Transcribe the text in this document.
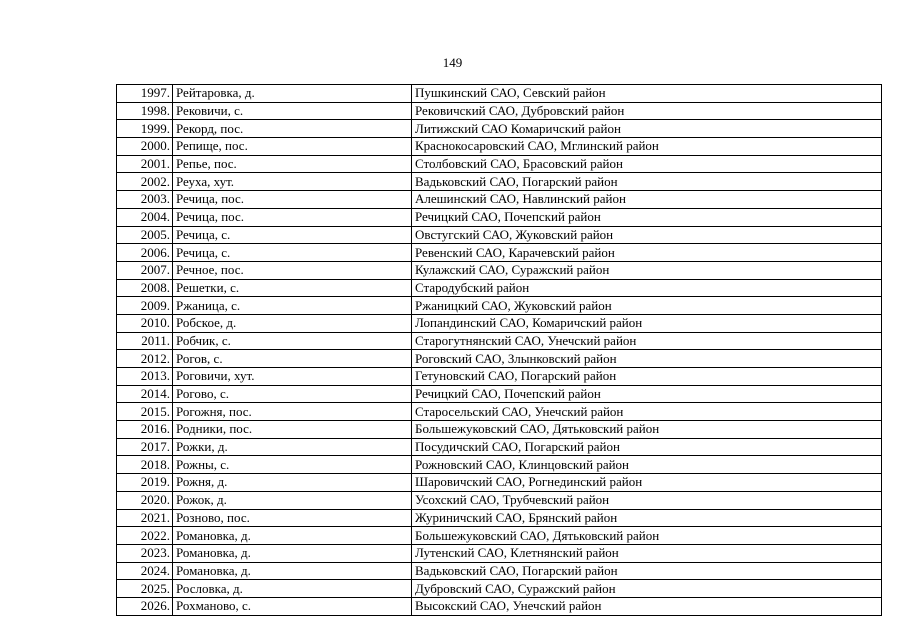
149
1997.	Рейтаровка, д.	Пушкинский САО, Севский район
1998.	Рековичи, с.	Рековичский САО, Дубровский район
1999.	Рекорд, пос.	Литижский САО Комаричский район
2000.	Репище, пос.	Краснокосаровский САО, Мглинский район
2001.	Репье, пос.	Столбовский САО, Брасовский район
2002.	Реуха, хут.	Вадьковский САО, Погарский район
2003.	Речица, пос.	Алешинский САО, Навлинский район
2004.	Речица, пос.	Речицкий САО, Почепский район
2005.	Речица, с.	Овстугский САО, Жуковский район
2006.	Речица, с.	Ревенский САО, Карачевский район
2007.	Речное, пос.	Кулажский САО, Суражский район
2008.	Решетки, с.	Стародубский район
2009.	Ржаница, с.	Ржаницкий САО, Жуковский район
2010.	Робское, д.	Лопандинский САО, Комаричский район
2011.	Робчик, с.	Старогутнянский САО, Унечский район
2012.	Рогов, с.	Роговский САО, Злынковский район
2013.	Роговичи, хут.	Гетуновский САО, Погарский район
2014.	Рогово, с.	Речицкий САО, Почепский район
2015.	Рогожня, пос.	Старосельский САО, Унечский район
2016.	Родники, пос.	Большежуковский САО, Дятьковский район
2017.	Рожки, д.	Посудичский САО, Погарский район
2018.	Рожны, с.	Рожновский САО, Клинцовский район
2019.	Рожня, д.	Шаровичский САО, Рогнединский район
2020.	Рожок, д.	Усохский САО, Трубчевский район
2021.	Розново, пос.	Журиничский САО, Брянский район
2022.	Романовка, д.	Большежуковский САО, Дятьковский район
2023.	Романовка, д.	Лутенский САО, Клетнянский район
2024.	Романовка, д.	Вадьковский САО, Погарский район
2025.	Рословка, д.	Дубровский САО, Суражский район
2026.	Рохманово, с.	Высокский САО, Унечский район
